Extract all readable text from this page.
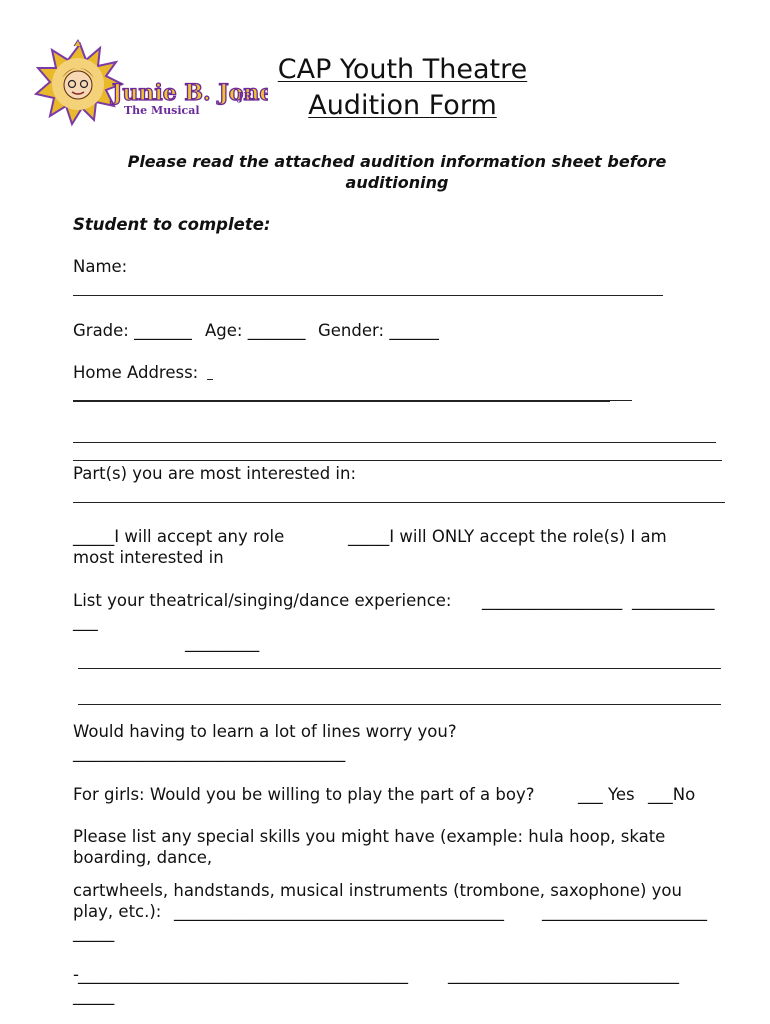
Junie B. Jone
JR.
The Musical
CAP Youth Theatre
Audition Form
Please read the attached audition information sheet before
auditioning
Student to complete:
Name:
Grade: _______ Age: _______ Gender: ______
Home Address:
Part(s) you are most interested in:
_____I will accept any role	_____I will ONLY accept the role(s) I am
most interested in
List your theatrical/singing/dance experience: _________________ __________
___
_________
Would having to learn a lot of lines worry you?
_________________________________
For girls: Would you be willing to play the part of a boy?	___ Yes ___No
Please list any special skills you might have (example: hula hoop, skate
boarding, dance,
cartwheels, handstands, musical instruments (trombone, saxophone) you
play, etc.): ________________________________________ ____________________
_____
- ________________________________________ ____________________________
_____
